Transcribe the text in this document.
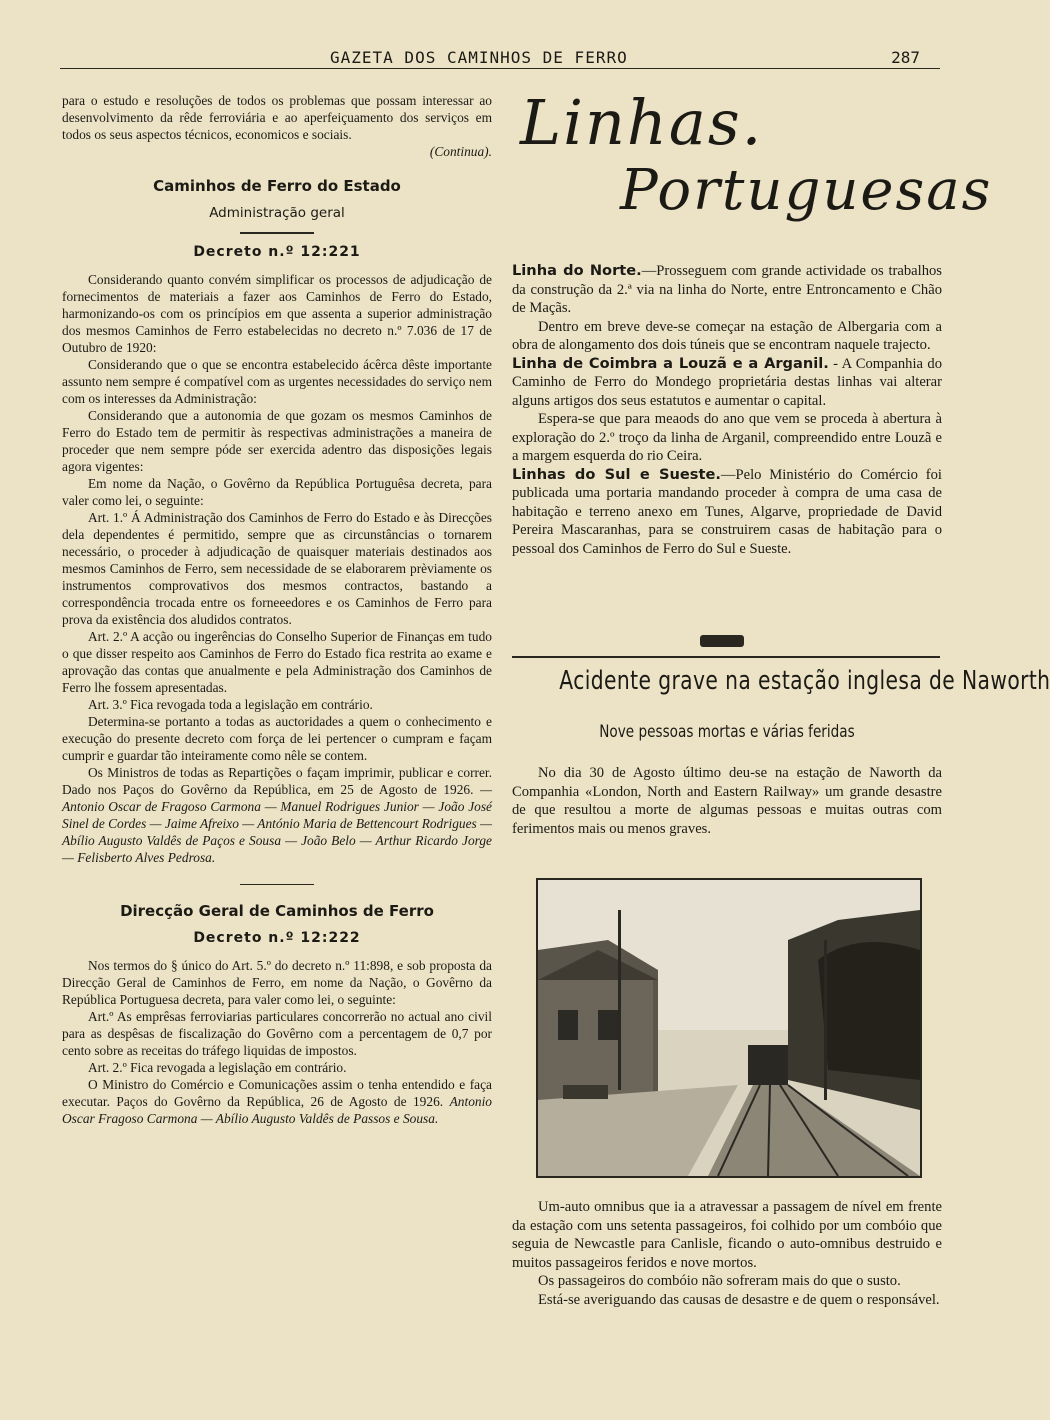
GAZETA DOS CAMINHOS DE FERRO	287

para o estudo e resoluções de todos os problemas que possam interessar ao desenvolvimento da rêde ferroviária e ao aperfeiçuamento dos serviços em todos os seus aspectos técnicos, economicos e sociais.

(Continua).

Caminhos de Ferro do Estado
Administração geral
Decreto n.º 12:221

Considerando quanto convém simplificar os processos de adjudicação de fornecimentos de materiais a fazer aos Caminhos de Ferro do Estado, harmonizando-os com os princípios em que assenta a superior administração dos mesmos Caminhos de Ferro estabelecidas no decreto n.º 7.036 de 17 de Outubro de 1920:

Considerando que o que se encontra estabelecido ácêrca dêste importante assunto nem sempre é compatível com as urgentes necessidades do serviço nem com os interesses da Administração:

Considerando que a autonomia de que gozam os mesmos Caminhos de Ferro do Estado tem de permitir às respectivas administrações a maneira de proceder que nem sempre póde ser exercida adentro das disposições legais agora vigentes:

Em nome da Nação, o Govêrno da República Portuguêsa decreta, para valer como lei, o seguinte:

Art. 1.º Á Administração dos Caminhos de Ferro do Estado e às Direcções dela dependentes é permitido, sempre que as circunstâncias o tornarem necessário, o proceder à adjudicação de quaisquer materiais destinados aos mesmos Caminhos de Ferro, sem necessidade de se elaborarem prèviamente os instrumentos comprovativos dos mesmos contractos, bastando a correspondência trocada entre os forneeedores e os Caminhos de Ferro para prova da existência dos aludidos contratos.

Art. 2.º A acção ou ingerências do Conselho Superior de Finanças em tudo o que disser respeito aos Caminhos de Ferro do Estado fica restrita ao exame e aprovação das contas que anualmente e pela Administração dos Caminhos de Ferro lhe fossem apresentadas.

Art. 3.º Fica revogada toda a legislação em contrário.

Determina-se portanto a todas as auctoridades a quem o conhecimento e execução do presente decreto com força de lei pertencer o cumpram e façam cumprir e guardar tão inteiramente como nêle se contem.

Os Ministros de todas as Repartições o façam imprimir, publicar e correr. Dado nos Paços do Govêrno da República, em 25 de Agosto de 1926. — Antonio Oscar de Fragoso Carmona — Manuel Rodrigues Junior — João José Sinel de Cordes — Jaime Afreixo — António Maria de Bettencourt Rodrigues — Abílio Augusto Valdês de Paços e Sousa — João Belo — Arthur Ricardo Jorge — Felisberto Alves Pedrosa.

Direcção Geral de Caminhos de Ferro
Decreto n.º 12:222

Nos termos do § único do Art. 5.º do decreto n.º 11:898, e sob proposta da Direcção Geral de Caminhos de Ferro, em nome da Nação, o Govêrno da República Portuguesa decreta, para valer como lei, o seguinte:

Art.º As emprêsas ferroviarias particulares concorrerão no actual ano civil para as despêsas de fiscalização do Govêrno com a percentagem de 0,7 por cento sobre as receitas do tráfego liquidas de impostos.

Art. 2.º Fica revogada a legislação em contrário.

O Ministro do Comércio e Comunicações assim o tenha entendido e faça executar. Paços do Govêrno da República, 26 de Agosto de 1926. Antonio Oscar Fragoso Carmona — Abílio Augusto Valdês de Passos e Sousa.

Linhas.
Portuguesas

Linha do Norte.—Prosseguem com grande actividade os trabalhos da construção da 2.ª via na linha do Norte, entre Entroncamento e Chão de Maçãs.

Dentro em breve deve-se começar na estação de Albergaria com a obra de alongamento dos dois túneis que se encontram naquele trajecto.

Linha de Coimbra a Louzã e a Arganil. - A Companhia do Caminho de Ferro do Mondego proprietária destas linhas vai alterar alguns artigos dos seus estatutos e aumentar o capital.

Espera-se que para meaods do ano que vem se proceda à abertura à exploração do 2.º troço da linha de Arganil, compreendido entre Louzã e a margem esquerda do rio Ceira.

Linhas do Sul e Sueste.—Pelo Ministério do Comércio foi publicada uma portaria mandando proceder à compra de uma casa de habitação e terreno anexo em Tunes, Algarve, propriedade de David Pereira Mascaranhas, para se construirem casas de habitação para o pessoal dos Caminhos de Ferro do Sul e Sueste.

Acidente grave na estação inglesa de Naworth
Nove pessoas mortas e várias feridas

No dia 30 de Agosto último deu-se na estação de Naworth da Companhia «London, North and Eastern Railway» um grande desastre de que resultou a morte de algumas pessoas e muitas outras com ferimentos mais ou menos graves.

Um-auto omnibus que ia a atravessar a passagem de nível em frente da estação com uns setenta passageiros, foi colhido por um combóio que seguia de Newcastle para Canlisle, ficando o auto-omnibus destruido e muitos passageiros feridos e nove mortos.

Os passageiros do combóio não sofreram mais do que o susto.

Está-se averiguando das causas de desastre e de quem o responsável.
